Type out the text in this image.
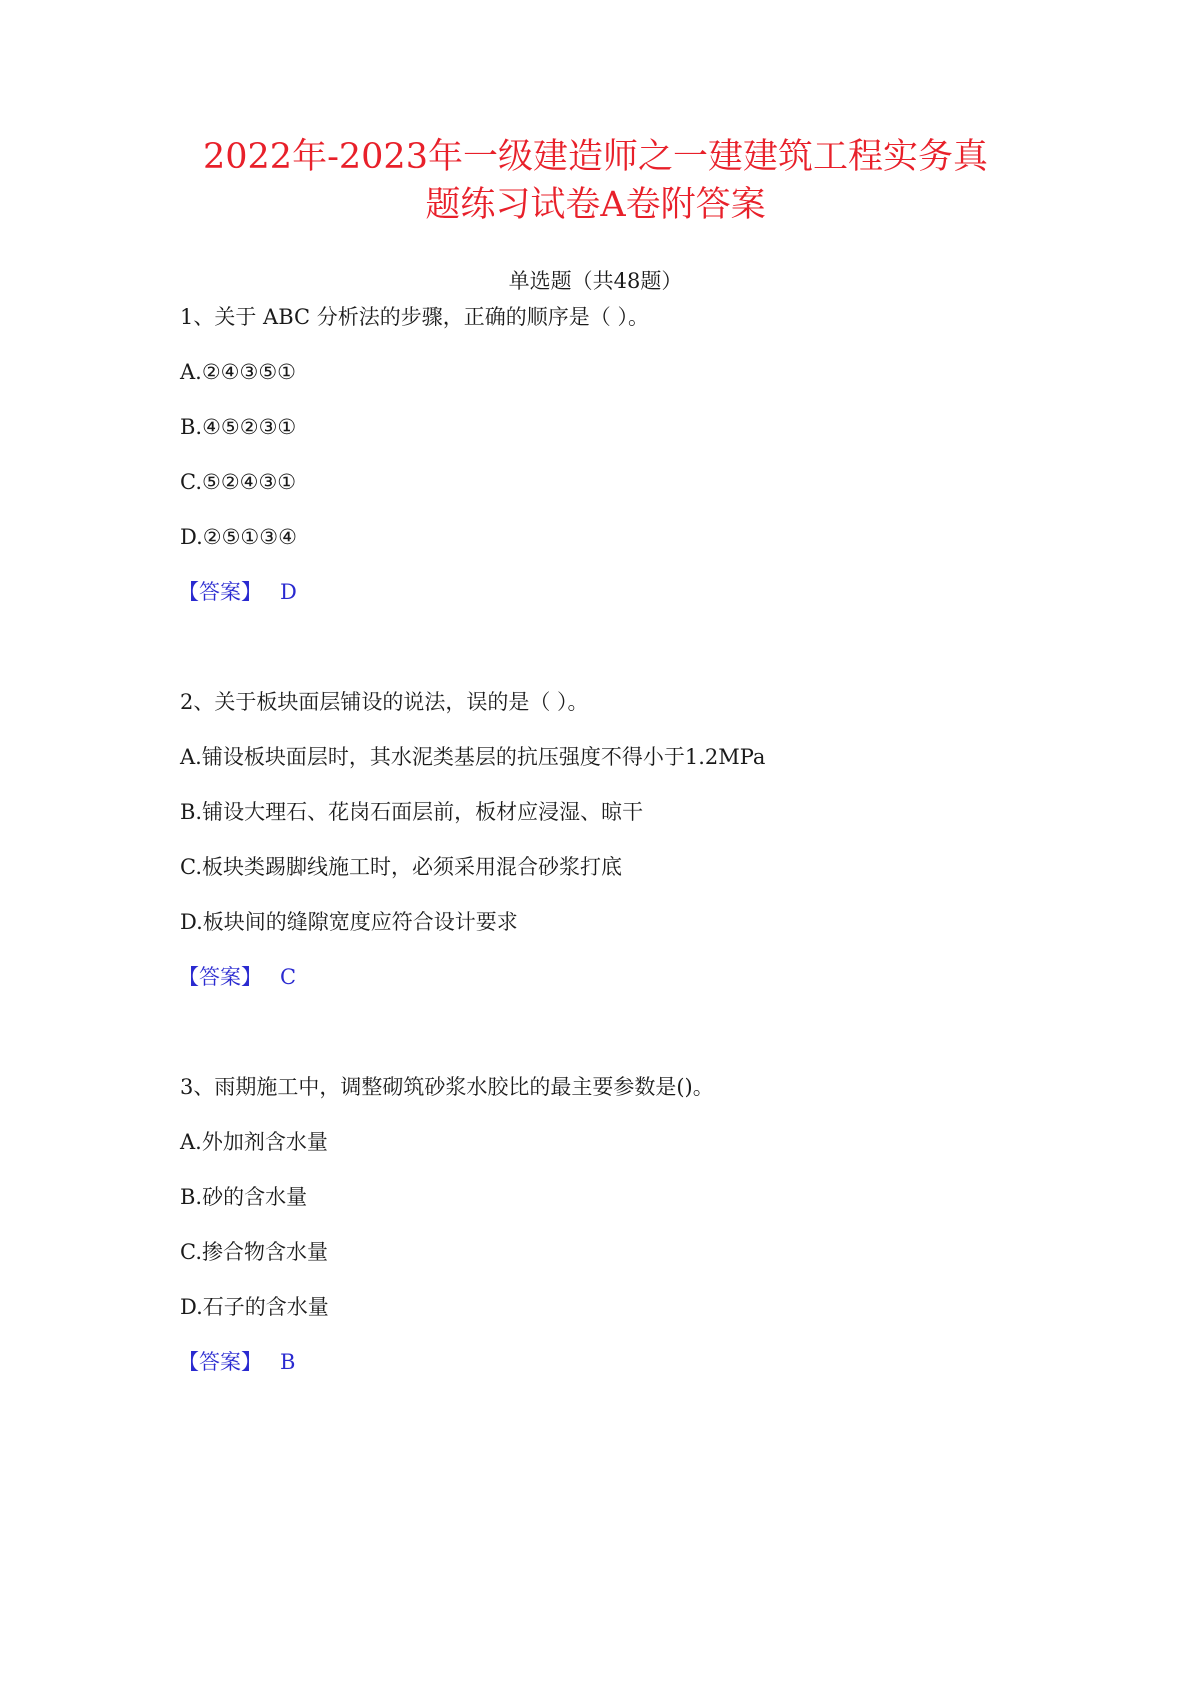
2022年-2023年一级建造师之一建建筑工程实务真
题练习试卷A卷附答案
单选题（共48题）
1、关于 ABC 分析法的步骤，正确的顺序是（ ）。
A.②④③⑤①
B.④⑤②③①
C.⑤②④③①
D.②⑤①③④
【答案】 D
2、关于板块面层铺设的说法，误的是（ ）。
A.铺设板块面层时，其水泥类基层的抗压强度不得小于1.2MPa
B.铺设大理石、花岗石面层前，板材应浸湿、晾干
C.板块类踢脚线施工时，必须采用混合砂浆打底
D.板块间的缝隙宽度应符合设计要求
【答案】 C
3、雨期施工中，调整砌筑砂浆水胶比的最主要参数是()。
A.外加剂含水量
B.砂的含水量
C.掺合物含水量
D.石子的含水量
【答案】 B
